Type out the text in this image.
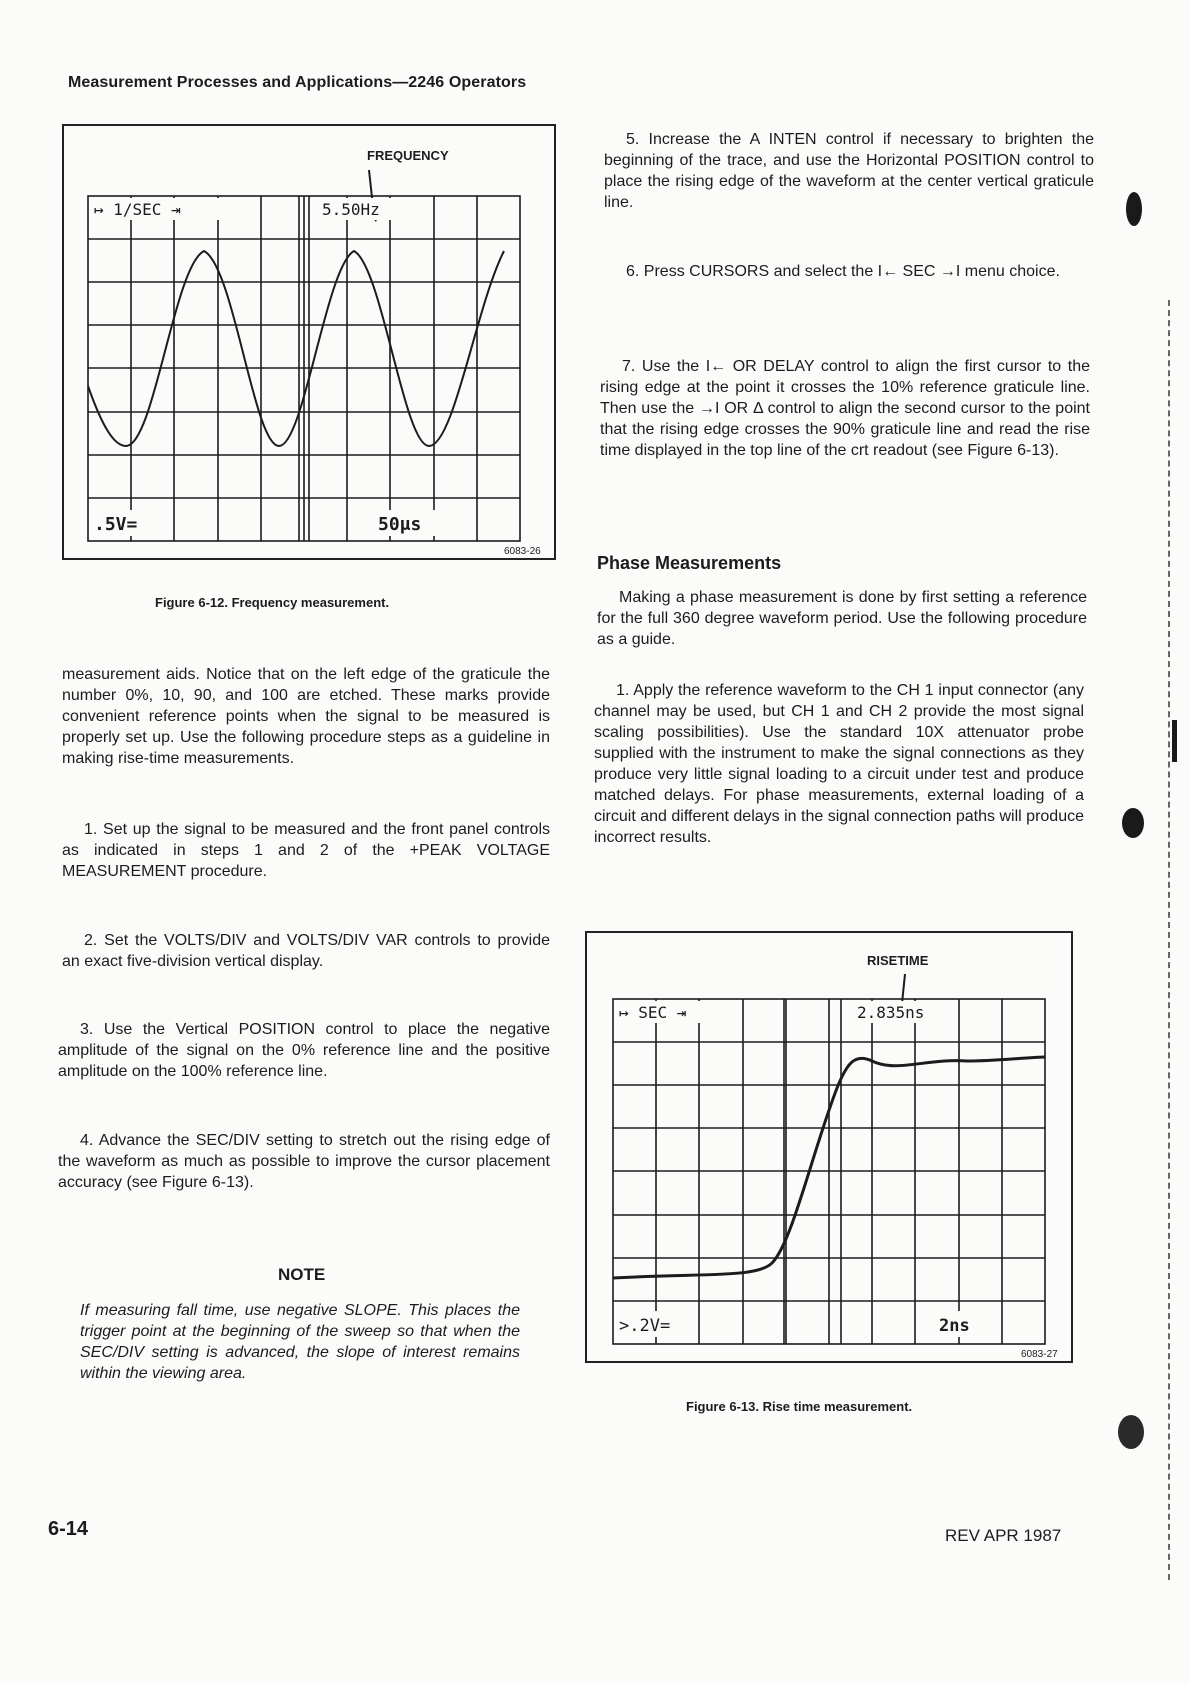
Measurement Processes and Applications—2246 Operators
FREQUENCY
↦ 1/SEC ⇥	5.50Hz
.5V=	50μs
6083-26
Figure 6-12. Frequency measurement.

measurement aids. Notice that on the left edge of the graticule the number 0%, 10, 90, and 100 are etched. These marks provide convenient reference points when the signal to be measured is properly set up. Use the following procedure steps as a guideline in making rise-time measurements.

1. Set up the signal to be measured and the front panel controls as indicated in steps 1 and 2 of the +PEAK VOLTAGE MEASUREMENT procedure.

2. Set the VOLTS/DIV and VOLTS/DIV VAR controls to provide an exact five-division vertical display.

3. Use the Vertical POSITION control to place the negative amplitude of the signal on the 0% reference line and the positive amplitude on the 100% reference line.

4. Advance the SEC/DIV setting to stretch out the rising edge of the waveform as much as possible to improve the cursor placement accuracy (see Figure 6-13).

NOTE

If measuring fall time, use negative SLOPE. This places the trigger point at the beginning of the sweep so that when the SEC/DIV setting is advanced, the slope of interest remains within the viewing area.

5. Increase the A INTEN control if necessary to brighten the beginning of the trace, and use the Horizontal POSITION control to place the rising edge of the waveform at the center vertical graticule line.

6. Press CURSORS and select the I← SEC →I menu choice.

7. Use the I← OR DELAY control to align the first cursor to the rising edge at the point it crosses the 10% reference graticule line. Then use the →I OR Δ control to align the second cursor to the point that the rising edge crosses the 90% graticule line and read the rise time displayed in the top line of the crt readout (see Figure 6-13).

Phase Measurements

Making a phase measurement is done by first setting a reference for the full 360 degree waveform period. Use the following procedure as a guide.

1. Apply the reference waveform to the CH 1 input connector (any channel may be used, but CH 1 and CH 2 provide the most signal scaling possibilities). Use the standard 10X attenuator probe supplied with the instrument to make the signal connections as they produce very little signal loading to a circuit under test and produce matched delays. For phase measurements, external loading of a circuit and different delays in the signal connection paths will produce incorrect results.

RISETIME
↦ SEC ⇥	2.835ns
>.2V=	2ns
6083-27
Figure 6-13. Rise time measurement.
6-14	REV APR 1987
